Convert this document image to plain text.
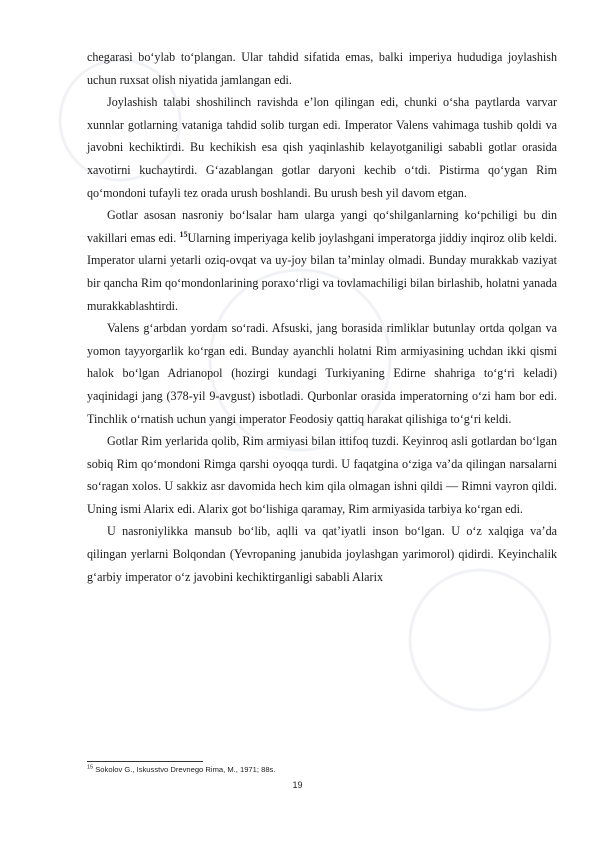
chegarasi bo‘ylab to‘plangan. Ular tahdid sifatida emas, balki imperiya hududiga joylashish uchun ruxsat olish niyatida jamlangan edi.

Joylashish talabi shoshilinch ravishda e’lon qilingan edi, chunki o‘sha paytlarda varvar xunnlar gotlarning vataniga tahdid solib turgan edi. Imperator Valens vahimaga tushib qoldi va javobni kechiktirdi. Bu kechikish esa qish yaqinlashib kelayotganiligi sababli gotlar orasida xavotirni kuchaytirdi. G‘azablangan gotlar daryoni kechib o‘tdi. Pistirma qo‘ygan Rim qo‘mondoni tufayli tez orada urush boshlandi. Bu urush besh yil davom etgan.

Gotlar asosan nasroniy bo‘lsalar ham ularga yangi qo‘shilganlarning ko‘pchiligi bu din vakillari emas edi. $^{15}$Ularning imperiyaga kelib joylashgani imperatorga jiddiy inqiroz olib keldi. Imperator ularni yetarli oziq-ovqat va uy-joy bilan ta’minlay olmadi. Bunday murakkab vaziyat bir qancha Rim qo‘mondonlarining poraxo‘rligi va tovlamachiligi bilan birlashib, holatni yanada murakkablashtirdi.

Valens g‘arbdan yordam so‘radi. Afsuski, jang borasida rimliklar butunlay ortda qolgan va yomon tayyorgarlik ko‘rgan edi. Bunday ayanchli holatni Rim armiyasining uchdan ikki qismi halok bo‘lgan Adrianopol (hozirgi kundagi Turkiyaning Edirne shahriga to‘g‘ri keladi) yaqinidagi jang (378-yil 9-avgust) isbotladi. Qurbonlar orasida imperatorning o‘zi ham bor edi. Tinchlik o‘rnatish uchun yangi imperator Feodosiy qattiq harakat qilishiga to‘g‘ri keldi.

Gotlar Rim yerlarida qolib, Rim armiyasi bilan ittifoq tuzdi. Keyinroq asli gotlardan bo‘lgan sobiq Rim qo‘mondoni Rimga qarshi oyoqqa turdi. U faqatgina o‘ziga va’da qilingan narsalarni so‘ragan xolos. U sakkiz asr davomida hech kim qila olmagan ishni qildi — Rimni vayron qildi. Uning ismi Alarix edi. Alarix got bo‘lishiga qaramay, Rim armiyasida tarbiya ko‘rgan edi.

U nasroniylikka mansub bo‘lib, aqlli va qat’iyatli inson bo‘lgan. U o‘z xalqiga va’da qilingan yerlarni Bolqondan (Yevropaning janubida joylashgan yarimorol) qidirdi. Keyinchalik g‘arbiy imperator o‘z javobini kechiktirganligi sababli Alarix

$^{15}$ Sokolov G., Iskusstvo Drevnego Rima, M., 1971; 88s.
19
